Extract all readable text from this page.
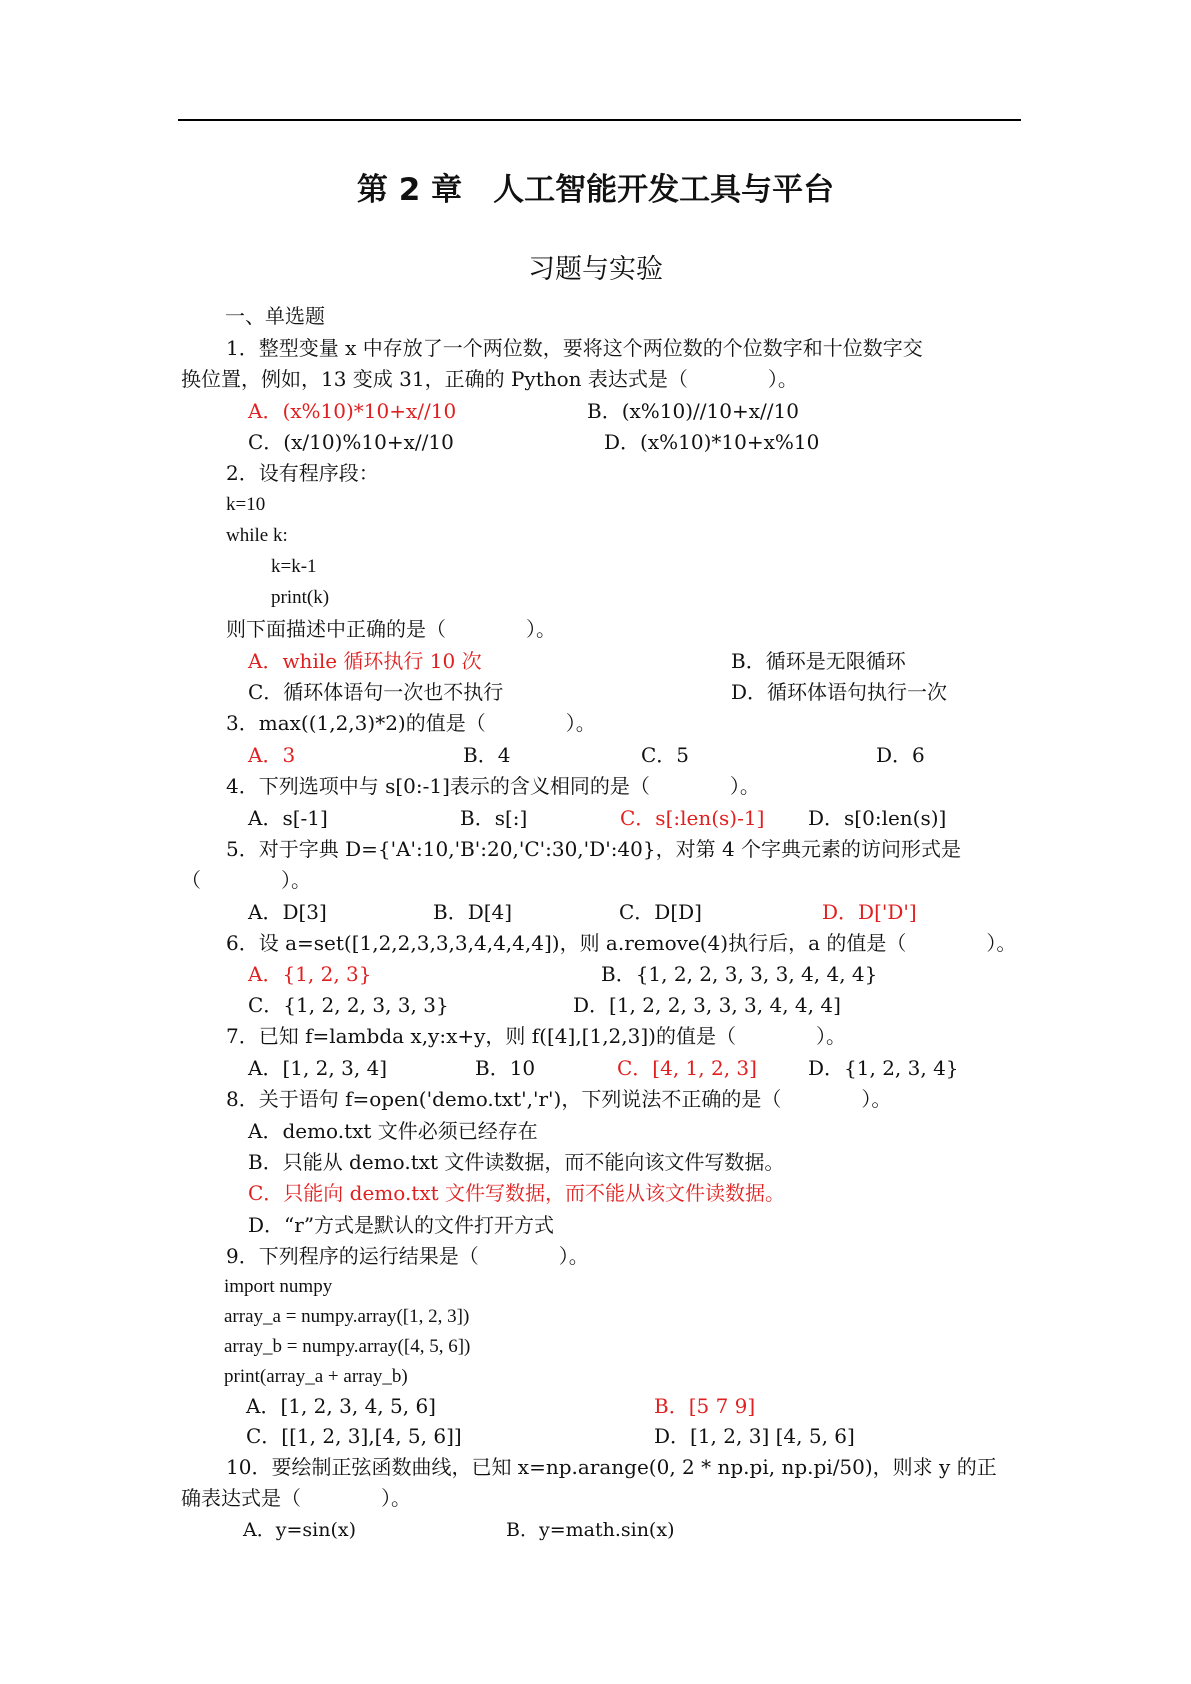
第 2 章　人工智能开发工具与平台
习题与实验
一、单选题
1．整型变量 x 中存放了一个两位数，要将这个两位数的个位数字和十位数字交
换位置，例如，13 变成 31，正确的 Python 表达式是（　　　　）。
A．(x%10)*10+x//10	B．(x%10)//10+x//10
C．(x/10)%10+x//10	D．(x%10)*10+x%10
2．设有程序段：
k=10
while k:
k=k-1
print(k)
则下面描述中正确的是（　　　　）。
A．while 循环执行 10 次	B．循环是无限循环
C．循环体语句一次也不执行	D．循环体语句执行一次
3．max((1,2,3)*2)的值是（　　　　）。
A．3	B．4	C．5	D．6
4．下列选项中与 s[0:-1]表示的含义相同的是（　　　　）。
A．s[-1]	B．s[:]	C．s[:len(s)-1] D．s[0:len(s)]
5．对于字典 D={'A':10,'B':20,'C':30,'D':40}，对第 4 个字典元素的访问形式是
（　　　　）。
A．D[3]	B．D[4]	C．D[D]	D．D['D']
6．设 a=set([1,2,2,3,3,3,4,4,4,4])，则 a.remove(4)执行后，a 的值是（　　　　）。
A．{1, 2, 3}	B．{1, 2, 2, 3, 3, 3, 4, 4, 4}
C．{1, 2, 2, 3, 3, 3}	D．[1, 2, 2, 3, 3, 3, 4, 4, 4]
7．已知 f=lambda x,y:x+y，则 f([4],[1,2,3])的值是（　　　　）。
A．[1, 2, 3, 4]	B．10	C．[4, 1, 2, 3]	D．{1, 2, 3, 4}
8．关于语句 f=open('demo.txt','r')，下列说法不正确的是（　　　　）。
A．demo.txt 文件必须已经存在
B．只能从 demo.txt 文件读数据，而不能向该文件写数据。
C．只能向 demo.txt 文件写数据，而不能从该文件读数据。
D．“r”方式是默认的文件打开方式
9．下列程序的运行结果是（　　　　）。
import numpy
array_a = numpy.array([1, 2, 3])
array_b = numpy.array([4, 5, 6])
print(array_a + array_b)
A．[1, 2, 3, 4, 5, 6]	B．[5 7 9]
C．[[1, 2, 3],[4, 5, 6]]	D．[1, 2, 3] [4, 5, 6]
10．要绘制正弦函数曲线，已知 x=np.arange(0, 2 * np.pi, np.pi/50)，则求 y 的正
确表达式是（　　　　）。
A．y=sin(x)	B．y=math.sin(x)
